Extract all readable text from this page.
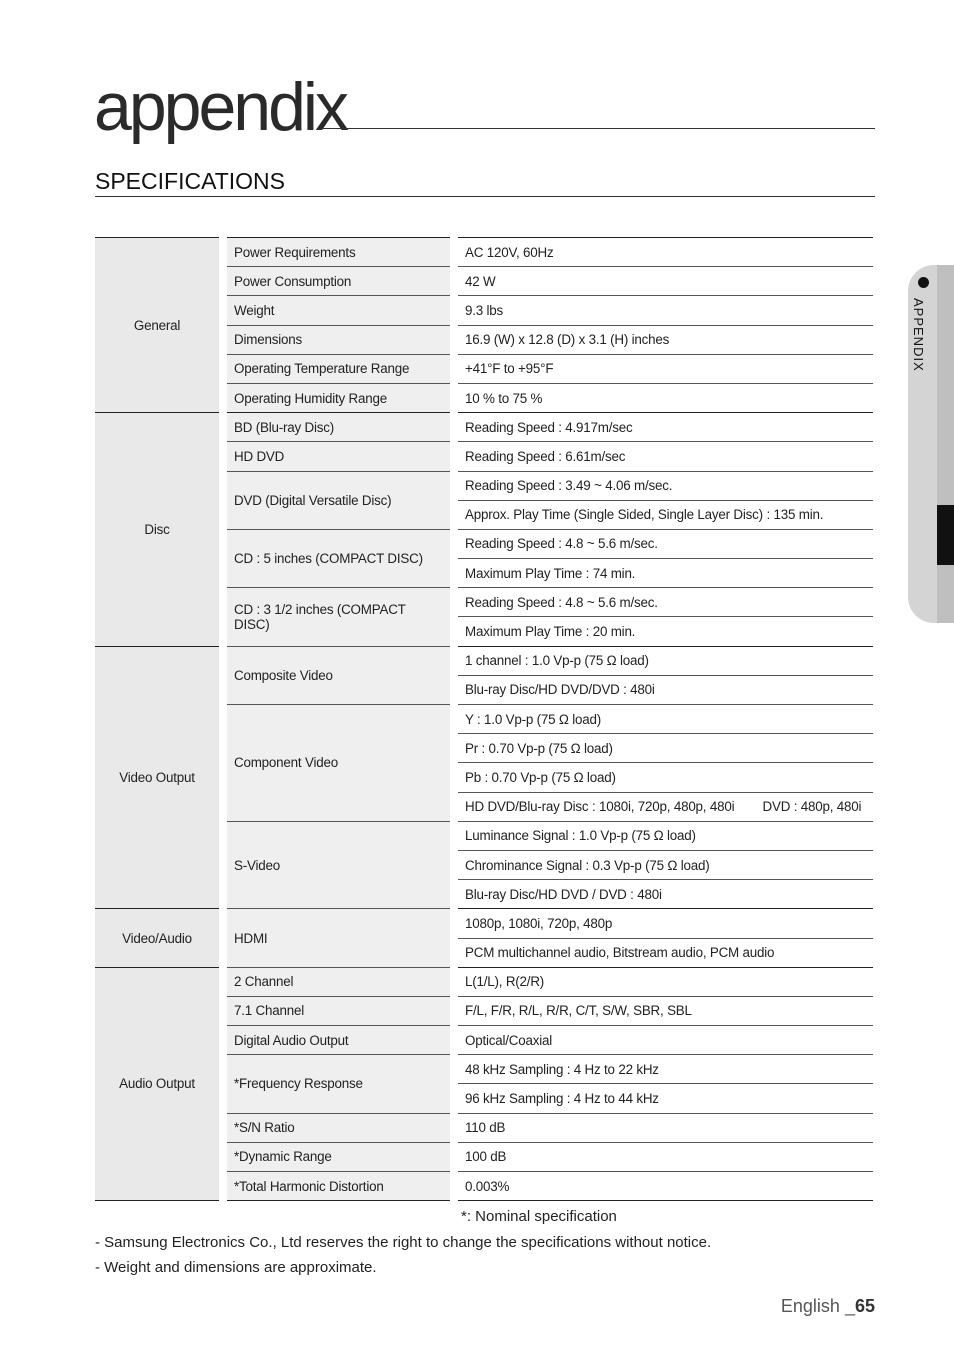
appendix
SPECIFICATIONS
APPENDIX
General	Power Requirements	AC 120V, 60Hz
	Power Consumption	42 W
	Weight	9.3 lbs
	Dimensions	16.9 (W) x 12.8 (D) x 3.1 (H) inches
	Operating Temperature Range	+41°F to +95°F
	Operating Humidity Range	10 % to 75 %
Disc	BD (Blu-ray Disc)	Reading Speed : 4.917m/sec
	HD DVD	Reading Speed : 6.61m/sec
	DVD (Digital Versatile Disc)	Reading Speed : 3.49 ~ 4.06 m/sec.
		Approx. Play Time (Single Sided, Single Layer Disc) : 135 min.
	CD : 5 inches (COMPACT DISC)	Reading Speed : 4.8 ~ 5.6 m/sec.
		Maximum Play Time : 74 min.
	CD : 3 1/2 inches (COMPACT DISC)	Reading Speed : 4.8 ~ 5.6 m/sec.
		Maximum Play Time : 20 min.
Video Output	Composite Video	1 channel : 1.0 Vp-p (75 Ω load)
		Blu-ray Disc/HD DVD/DVD : 480i
	Component Video	Y : 1.0 Vp-p (75 Ω load)
		Pr : 0.70 Vp-p (75 Ω load)
		Pb : 0.70 Vp-p (75 Ω load)
		HD DVD/Blu-ray Disc : 1080i, 720p, 480p, 480i        DVD : 480p, 480i
	S-Video	Luminance Signal : 1.0 Vp-p (75 Ω load)
		Chrominance Signal : 0.3 Vp-p (75 Ω load)
		Blu-ray Disc/HD DVD / DVD : 480i
Video/Audio	HDMI	1080p, 1080i, 720p, 480p
		PCM multichannel audio, Bitstream audio, PCM audio
Audio Output	2 Channel	L(1/L), R(2/R)
	7.1 Channel	F/L, F/R, R/L, R/R, C/T, S/W, SBR, SBL
	Digital Audio Output	Optical/Coaxial
	*Frequency Response	48 kHz Sampling : 4 Hz to 22 kHz
		96 kHz Sampling : 4 Hz to 44 kHz
	*S/N Ratio	110 dB
	*Dynamic Range	100 dB
	*Total Harmonic Distortion	0.003%
*: Nominal specification

- Samsung Electronics Co., Ltd reserves the right to change the specifications without notice.

- Weight and dimensions are approximate.

English _65
